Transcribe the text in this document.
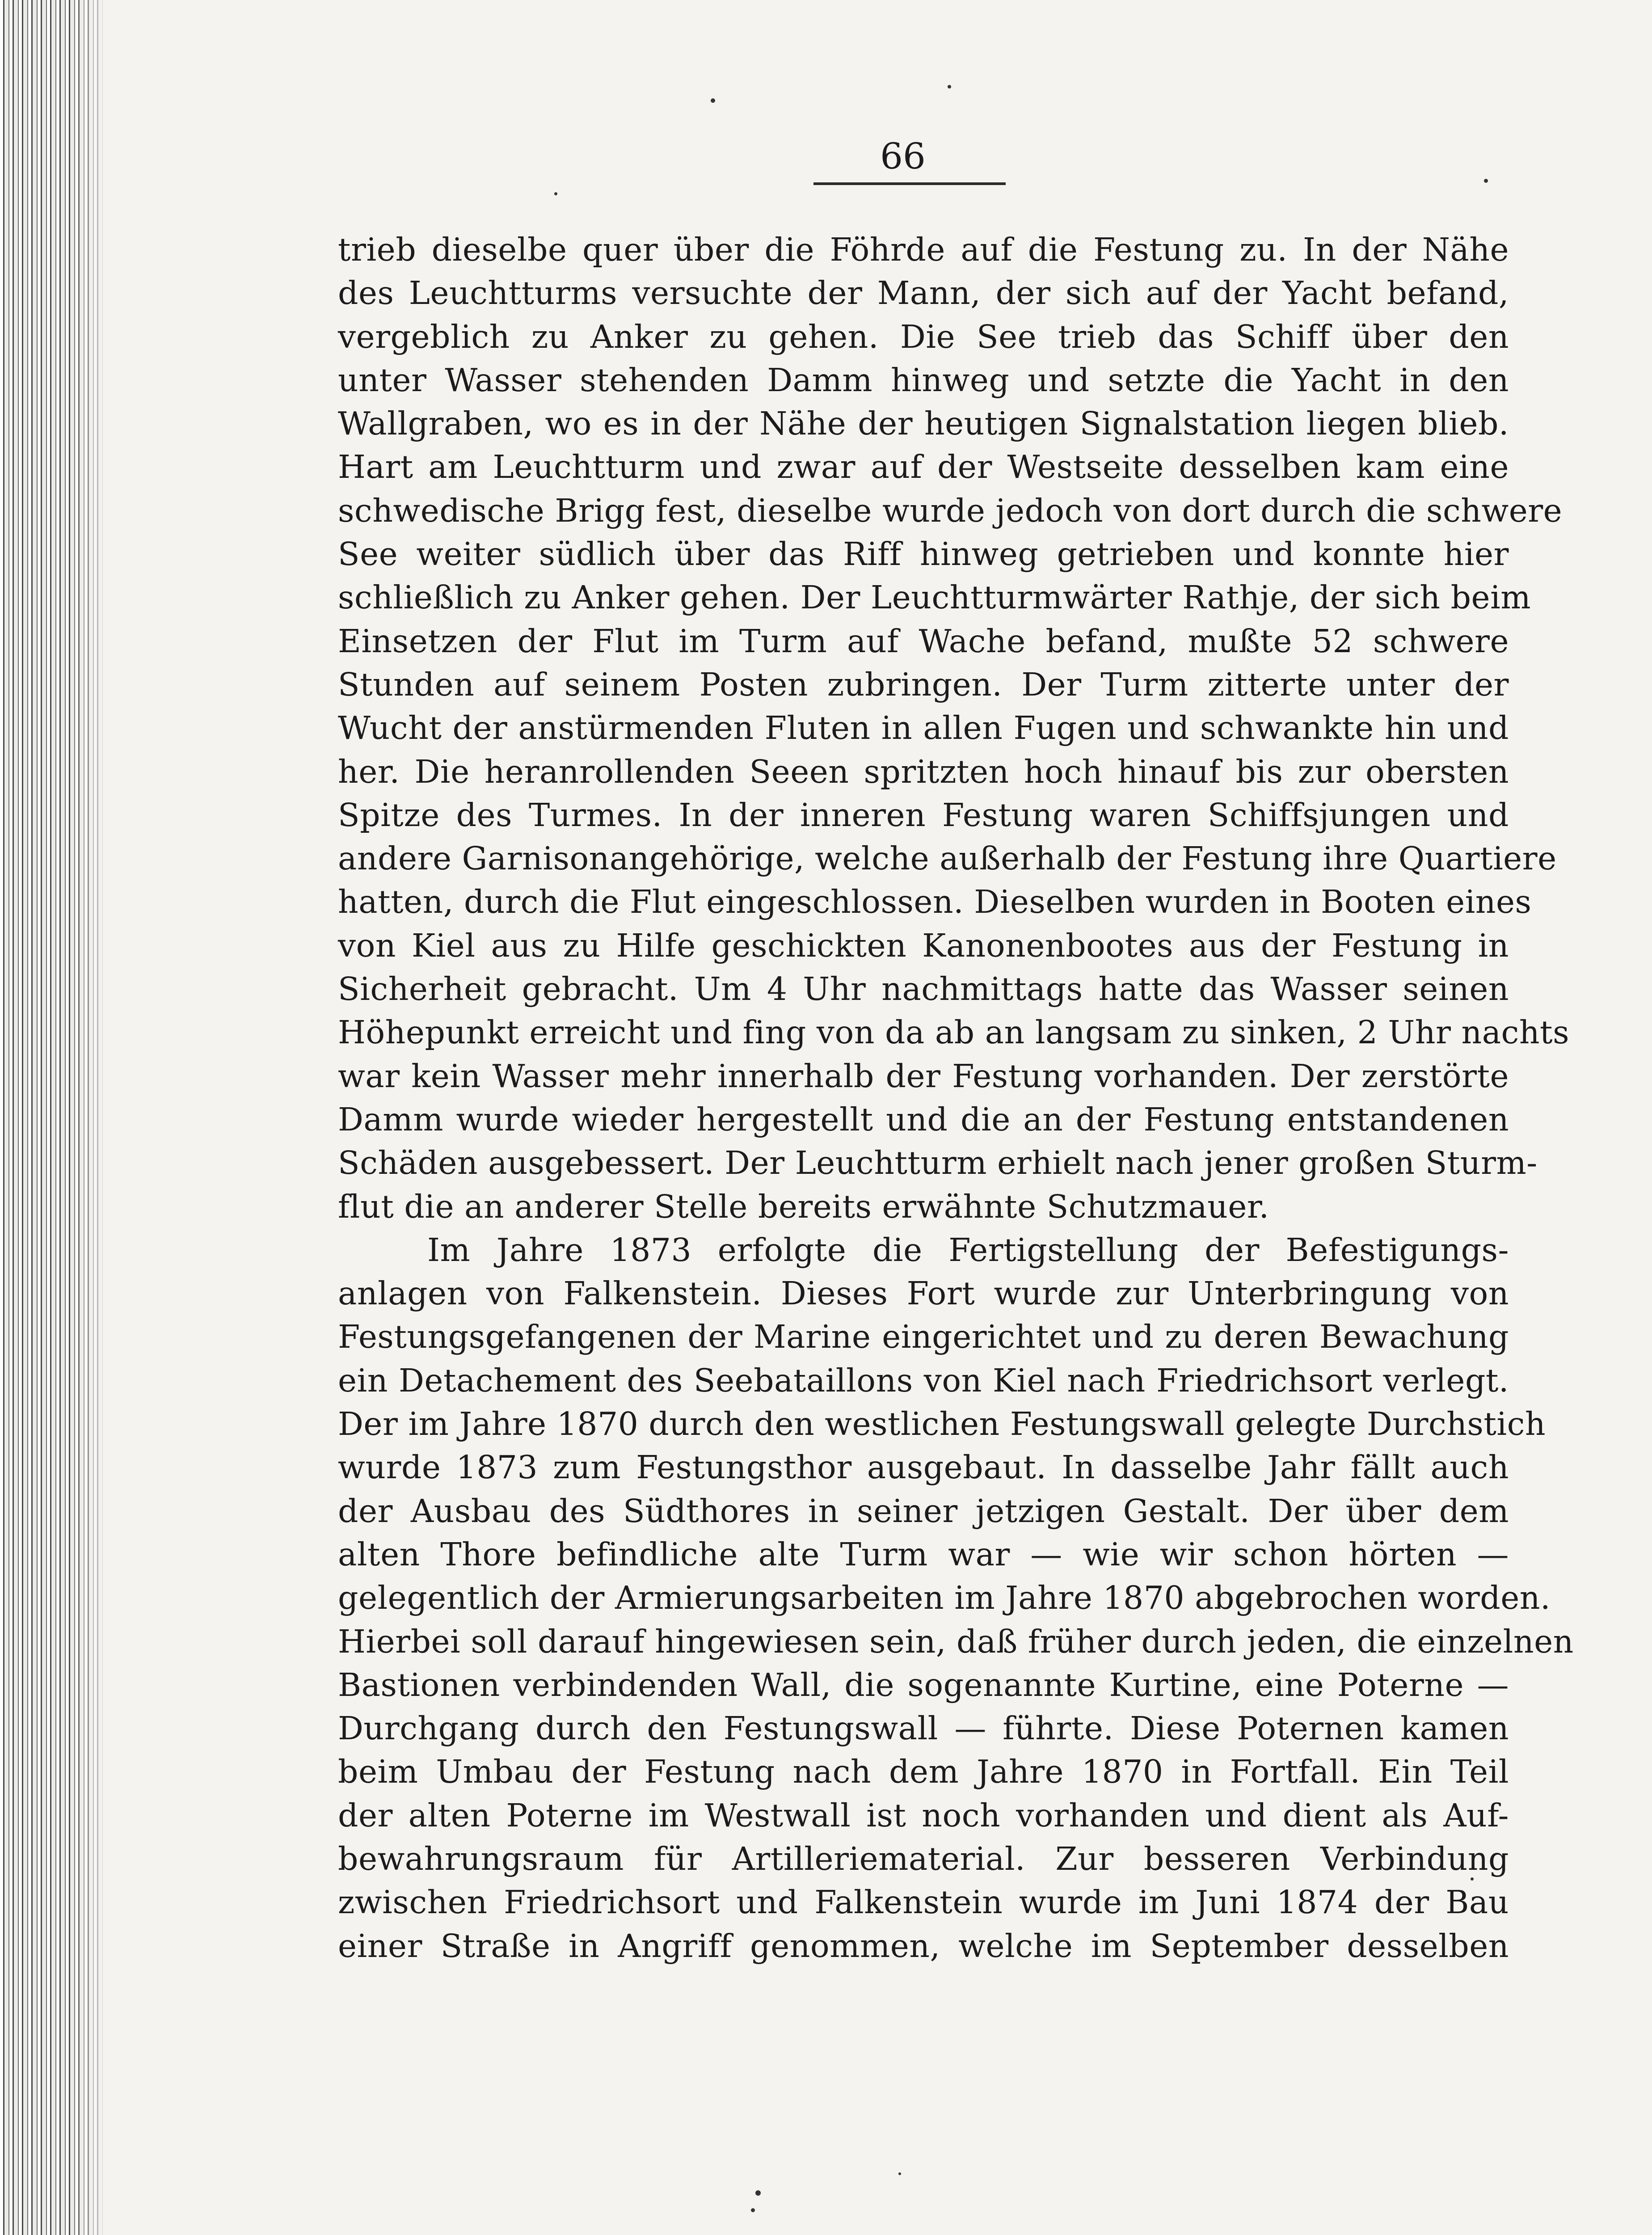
66
trieb dieselbe quer über die Föhrde auf die Festung zu. In der Nähe
des Leuchtturms versuchte der Mann, der sich auf der Yacht befand,
vergeblich zu Anker zu gehen. Die See trieb das Schiff über den
unter Wasser stehenden Damm hinweg und setzte die Yacht in den
Wallgraben, wo es in der Nähe der heutigen Signalstation liegen blieb.
Hart am Leuchtturm und zwar auf der Westseite desselben kam eine
schwedische Brigg fest, dieselbe wurde jedoch von dort durch die schwere
See weiter südlich über das Riff hinweg getrieben und konnte hier
schließlich zu Anker gehen. Der Leuchtturmwärter Rathje, der sich beim
Einsetzen der Flut im Turm auf Wache befand, mußte 52 schwere
Stunden auf seinem Posten zubringen. Der Turm zitterte unter der
Wucht der anstürmenden Fluten in allen Fugen und schwankte hin und
her. Die heranrollenden Seeen spritzten hoch hinauf bis zur obersten
Spitze des Turmes. In der inneren Festung waren Schiffsjungen und
andere Garnisonangehörige, welche außerhalb der Festung ihre Quartiere
hatten, durch die Flut eingeschlossen. Dieselben wurden in Booten eines
von Kiel aus zu Hilfe geschickten Kanonenbootes aus der Festung in
Sicherheit gebracht. Um 4 Uhr nachmittags hatte das Wasser seinen
Höhepunkt erreicht und fing von da ab an langsam zu sinken, 2 Uhr nachts
war kein Wasser mehr innerhalb der Festung vorhanden. Der zerstörte
Damm wurde wieder hergestellt und die an der Festung entstandenen
Schäden ausgebessert. Der Leuchtturm erhielt nach jener großen Sturm-
flut die an anderer Stelle bereits erwähnte Schutzmauer.
Im Jahre 1873 erfolgte die Fertigstellung der Befestigungs-
anlagen von Falkenstein. Dieses Fort wurde zur Unterbringung von
Festungsgefangenen der Marine eingerichtet und zu deren Bewachung
ein Detachement des Seebataillons von Kiel nach Friedrichsort verlegt.
Der im Jahre 1870 durch den westlichen Festungswall gelegte Durchstich
wurde 1873 zum Festungsthor ausgebaut. In dasselbe Jahr fällt auch
der Ausbau des Südthores in seiner jetzigen Gestalt. Der über dem
alten Thore befindliche alte Turm war — wie wir schon hörten —
gelegentlich der Armierungsarbeiten im Jahre 1870 abgebrochen worden.
Hierbei soll darauf hingewiesen sein, daß früher durch jeden, die einzelnen
Bastionen verbindenden Wall, die sogenannte Kurtine, eine Poterne —
Durchgang durch den Festungswall — führte. Diese Poternen kamen
beim Umbau der Festung nach dem Jahre 1870 in Fortfall. Ein Teil
der alten Poterne im Westwall ist noch vorhanden und dient als Auf-
bewahrungsraum für Artilleriematerial. Zur besseren Verbindung
zwischen Friedrichsort und Falkenstein wurde im Juni 1874 der Bau
einer Straße in Angriff genommen, welche im September desselben
